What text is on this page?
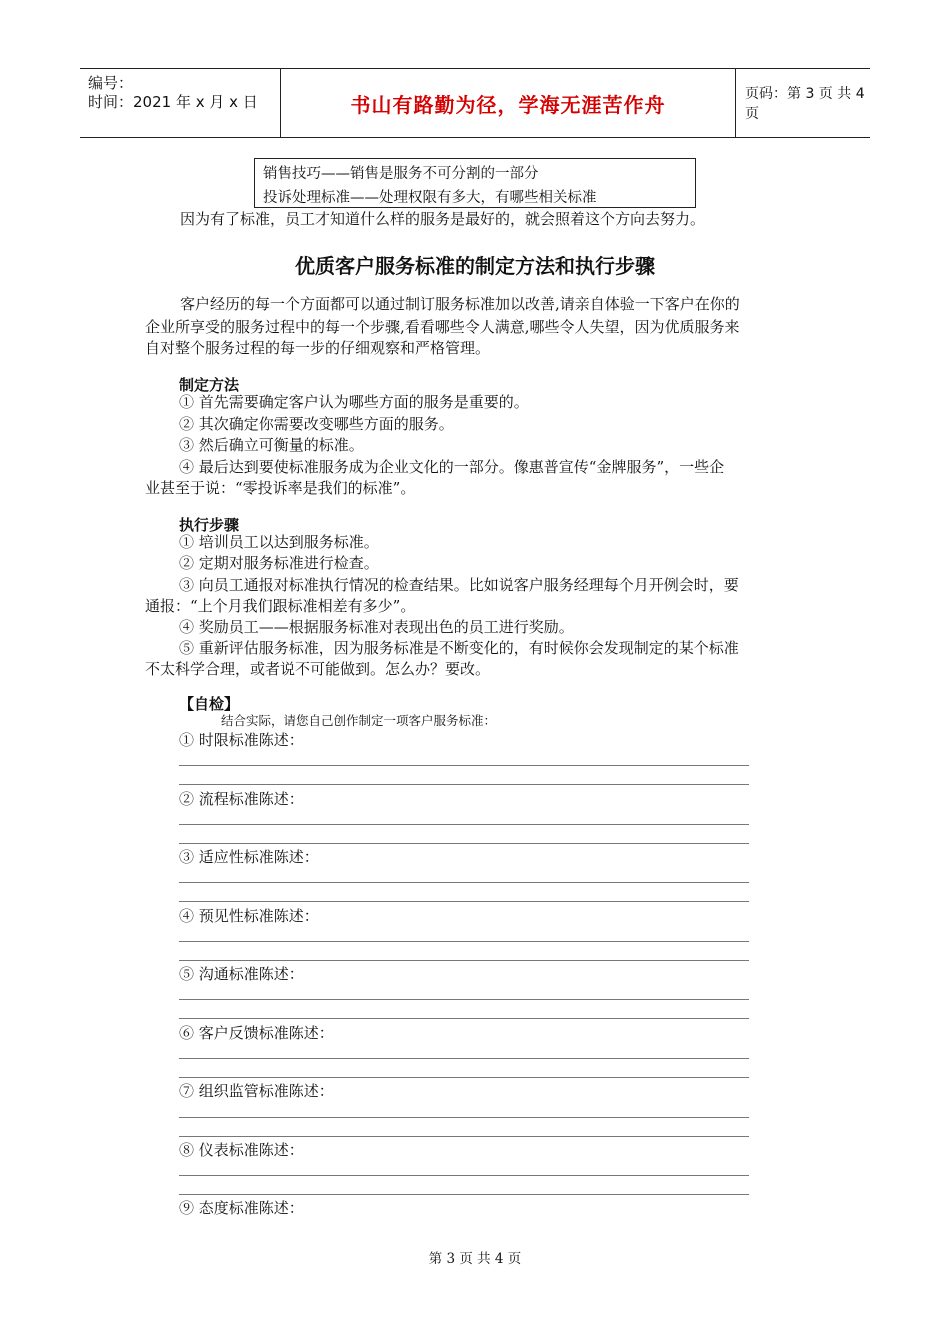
编号：
时间：2021 年 x 月 x 日	书山有路勤为径，学海无涯苦作舟	页码：第 3 页 共 4 页
销售技巧——销售是服务不可分割的一部分
投诉处理标准——处理权限有多大，有哪些相关标准
因为有了标准，员工才知道什么样的服务是最好的，就会照着这个方向去努力。
优质客户服务标准的制定方法和执行步骤
客户经历的每一个方面都可以通过制订服务标准加以改善,请亲自体验一下客户在你的
企业所享受的服务过程中的每一个步骤,看看哪些令人满意,哪些令人失望，因为优质服务来
自对整个服务过程的每一步的仔细观察和严格管理。
制定方法
① 首先需要确定客户认为哪些方面的服务是重要的。
② 其次确定你需要改变哪些方面的服务。
③ 然后确立可衡量的标准。
④ 最后达到要使标准服务成为企业文化的一部分。像惠普宣传“金牌服务”，一些企
业甚至于说：“零投诉率是我们的标准”。
执行步骤
① 培训员工以达到服务标准。
② 定期对服务标准进行检查。
③ 向员工通报对标准执行情况的检查结果。比如说客户服务经理每个月开例会时，要
通报：“上个月我们跟标准相差有多少”。
④ 奖励员工——根据服务标准对表现出色的员工进行奖励。
⑤ 重新评估服务标准，因为服务标准是不断变化的，有时候你会发现制定的某个标准
不太科学合理，或者说不可能做到。怎么办？要改。
【自检】
结合实际，请您自己创作制定一项客户服务标准：
① 时限标准陈述：
② 流程标准陈述：
③ 适应性标准陈述：
④ 预见性标准陈述：
⑤ 沟通标准陈述：
⑥ 客户反馈标准陈述：
⑦ 组织监管标准陈述：
⑧ 仪表标准陈述：
⑨ 态度标准陈述：
第 3 页 共 4 页
